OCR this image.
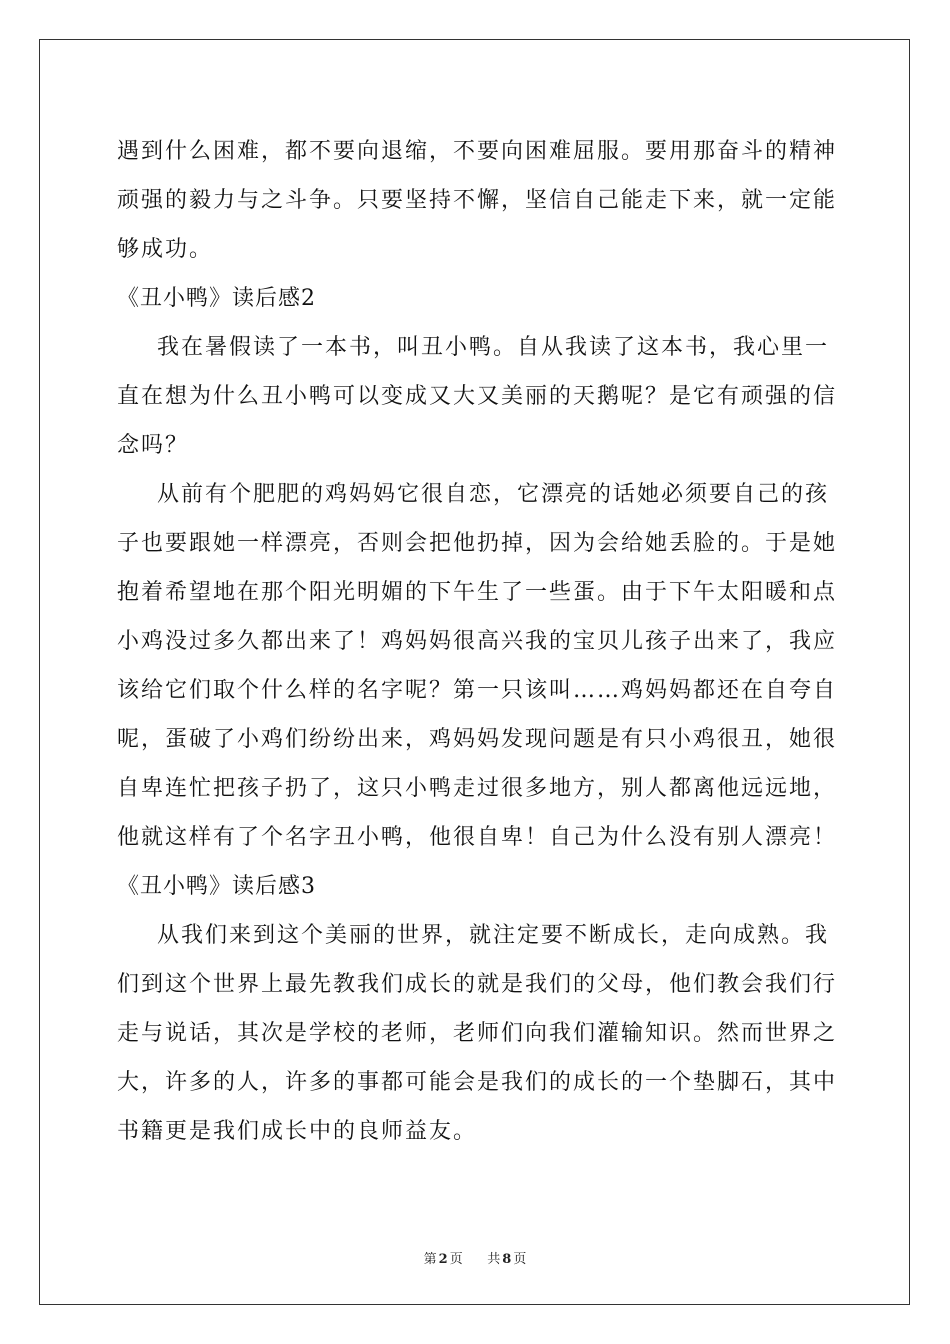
遇到什么困难，都不要向退缩，不要向困难屈服。要用那奋斗的精神
顽强的毅力与之斗争。只要坚持不懈，坚信自己能走下来，就一定能
够成功。
《丑小鸭》读后感2
我在暑假读了一本书，叫丑小鸭。自从我读了这本书，我心里一
直在想为什么丑小鸭可以变成又大又美丽的天鹅呢？是它有顽强的信
念吗？
从前有个肥肥的鸡妈妈它很自恋，它漂亮的话她必须要自己的孩
子也要跟她一样漂亮，否则会把他扔掉，因为会给她丢脸的。于是她
抱着希望地在那个阳光明媚的下午生了一些蛋。由于下午太阳暖和点
小鸡没过多久都出来了！鸡妈妈很高兴我的宝贝儿孩子出来了，我应
该给它们取个什么样的名字呢？第一只该叫……鸡妈妈都还在自夸自
呢，蛋破了小鸡们纷纷出来，鸡妈妈发现问题是有只小鸡很丑，她很
自卑连忙把孩子扔了，这只小鸭走过很多地方，别人都离他远远地，
他就这样有了个名字丑小鸭，他很自卑！自己为什么没有别人漂亮！
《丑小鸭》读后感3
从我们来到这个美丽的世界，就注定要不断成长，走向成熟。我
们到这个世界上最先教我们成长的就是我们的父母，他们教会我们行
走与说话，其次是学校的老师，老师们向我们灌输知识。然而世界之
大，许多的人，许多的事都可能会是我们的成长的一个垫脚石，其中
书籍更是我们成长中的良师益友。
第 2 页 共 8 页
